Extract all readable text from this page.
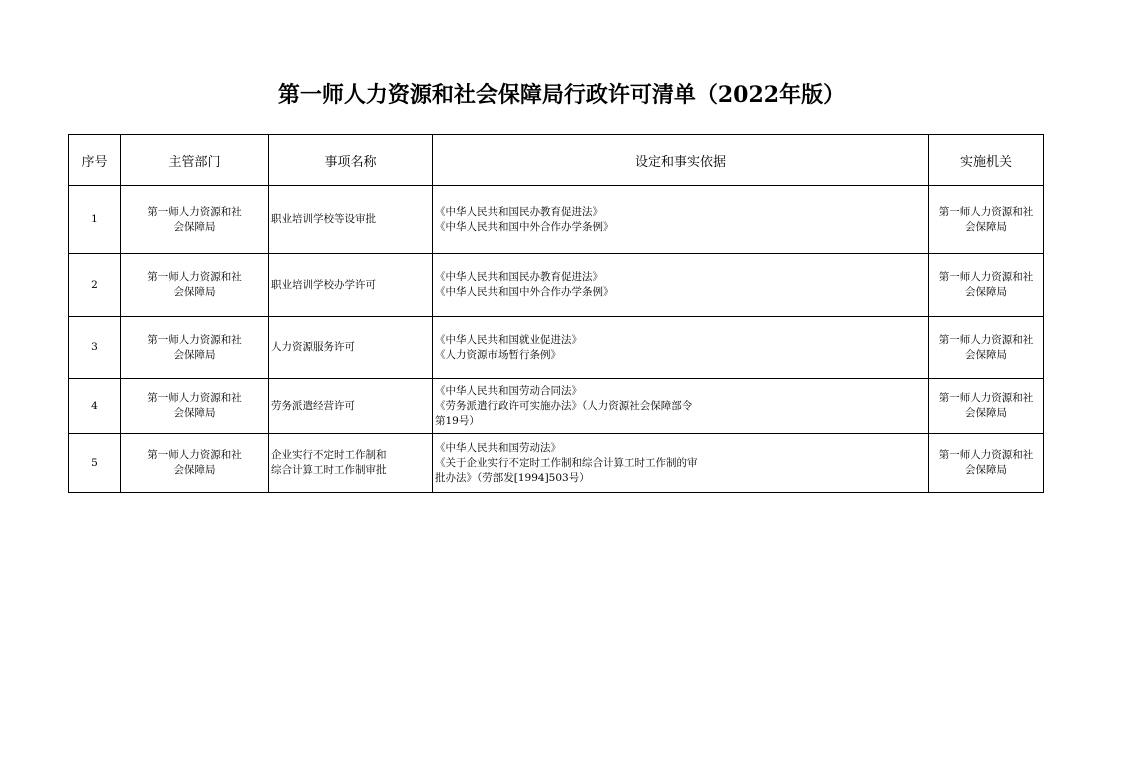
第一师人力资源和社会保障局行政许可清单（2022年版）
序号	主管部门	事项名称	设定和事实依据	实施机关
1	第一师人力资源和社
会保障局	职业培训学校等设审批	《中华人民共和国民办教育促进法》
《中华人民共和国中外合作办学条例》	第一师人力资源和社
会保障局

2	第一师人力资源和社
会保障局	职业培训学校办学许可	《中华人民共和国民办教育促进法》
《中华人民共和国中外合作办学条例》	第一师人力资源和社
会保障局

3	第一师人力资源和社
会保障局	人力资源服务许可	《中华人民共和国就业促进法》
《人力资源市场暂行条例》	第一师人力资源和社
会保障局

4	第一师人力资源和社
会保障局	劳务派遣经营许可	《中华人民共和国劳动合同法》
《劳务派遣行政许可实施办法》（人力资源社会保障部令
第19号）	第一师人力资源和社
会保障局

5	第一师人力资源和社
会保障局	企业实行不定时工作制和
综合计算工时工作制审批	《中华人民共和国劳动法》
《关于企业实行不定时工作制和综合计算工时工作制的审
批办法》（劳部发[1994]503号）	第一师人力资源和社
会保障局
